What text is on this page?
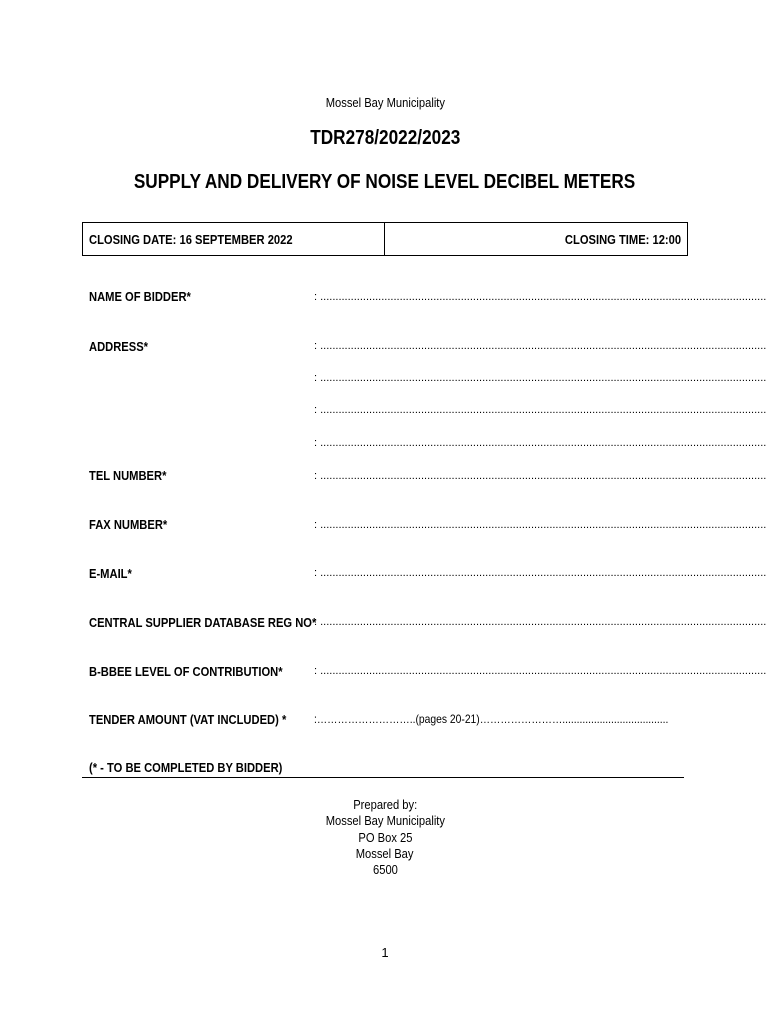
Mossel Bay Municipality
TDR278/2022/2023
SUPPLY AND DELIVERY OF NOISE LEVEL DECIBEL METERS
CLOSING DATE: 16 SEPTEMBER 2022	CLOSING TIME: 12:00
NAME OF BIDDER*	: ..................................................................................................................................................
ADDRESS*	: ..................................................................................................................................................
: ..................................................................................................................................................
: ..................................................................................................................................................
: ..................................................................................................................................................
TEL NUMBER*	: ..................................................................................................................................................
FAX NUMBER*	: ..................................................................................................................................................
E-MAIL*	: ..................................................................................................................................................
CENTRAL SUPPLIER DATABASE REG NO*
: ..................................................................................................................................................
B-BBEE LEVEL OF CONTRIBUTION*	: ..................................................................................................................................................
TENDER AMOUNT (VAT INCLUDED) *	:………………………..(pages 20-21)…………………….....................................
(* - TO BE COMPLETED BY BIDDER)
Prepared by:
Mossel Bay Municipality
PO Box 25
Mossel Bay
6500
1
